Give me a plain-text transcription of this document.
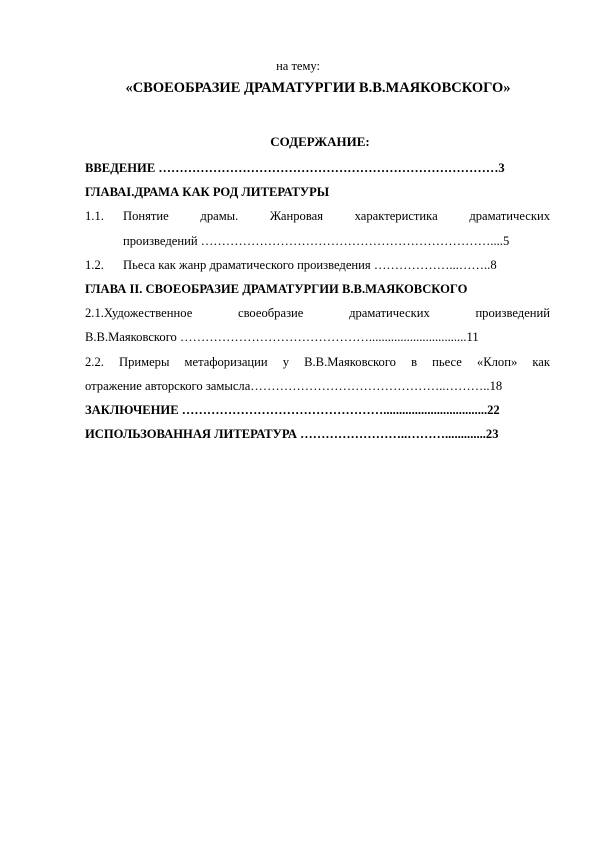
на тему:
«СВОЕОБРАЗИЕ ДРАМАТУРГИИ В.В.МАЯКОВСКОГО»
СОДЕРЖАНИЕ:
ВВЕДЕНИЕ ………………………………………………………………………3
ГЛАВАI.ДРАМА КАК РОД ЛИТЕРАТУРЫ
1.1. Понятие драмы. Жанровая характеристика драматических
произведений ……………………………………………………………....5
1.2. Пьеса как жанр драматического произведения ………………...……..8
ГЛАВА II. СВОЕОБРАЗИЕ ДРАМАТУРГИИ В.В.МАЯКОВСКОГО
2.1.Художественное своеобразие драматических произведений
В.В.Маяковского ………………………………………...............................11
2.2. Примеры метафоризации у В.В.Маяковского в пьесе «Клоп» как
отражение авторского замысла………………………………………..………..18
ЗАКЛЮЧЕНИЕ ………………………………………….................................22
ИСПОЛЬЗОВАННАЯ ЛИТЕРАТУРА ……………………..……….............23
